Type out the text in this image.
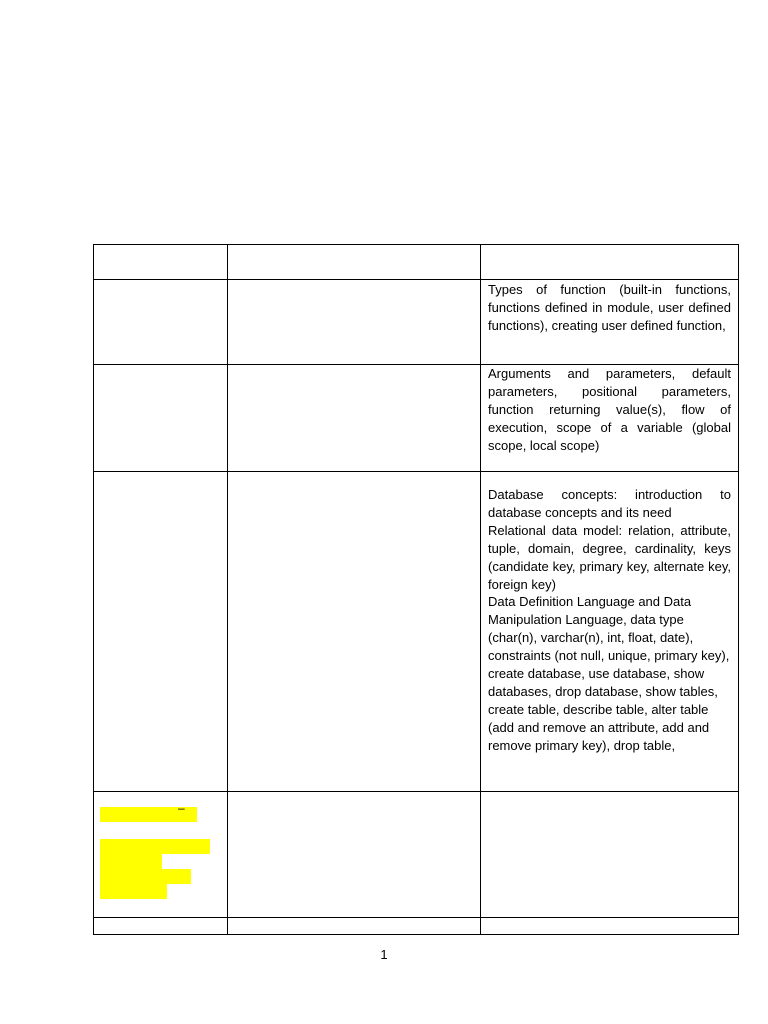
		Types of function (built-in functions, functions defined in module, user defined functions), creating user defined function,

		Arguments and parameters, default parameters, positional parameters, function returning value(s), flow of execution, scope of a variable (global scope, local scope)

		Database concepts: introduction to database concepts and its need

Relational data model: relation, attribute, tuple, domain, degree, cardinality, keys (candidate key, primary key, alternate key, foreign key)

Data Definition Language and Data Manipulation Language, data type (char(n), varchar(n), int, float, date), constraints (not null, unique, primary key), create database, use database, show databases, drop database, show tables, create table, describe table, alter table (add and remove an attribute, add and remove primary key), drop table,

–		

1
